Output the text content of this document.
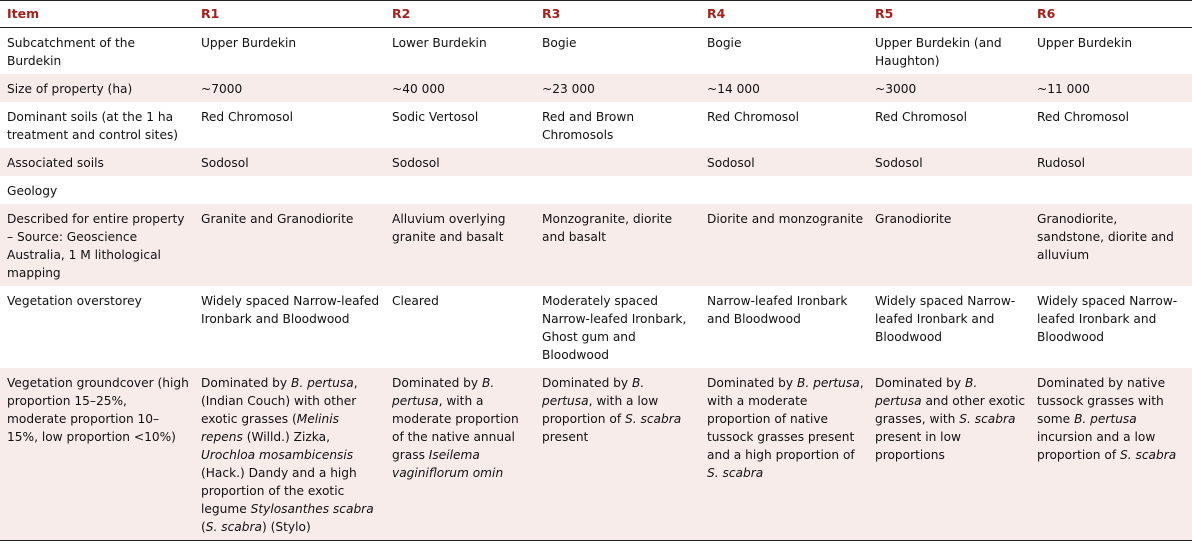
Item	R1	R2	R3	R4	R5	R6
Subcatchment of the Burdekin	Upper Burdekin	Lower Burdekin	Bogie	Bogie	Upper Burdekin (and Haughton)	Upper Burdekin
Size of property (ha)	~7000	~40 000	~23 000	~14 000	~3000	~11 000
Dominant soils (at the 1 ha treatment and control sites)	Red Chromosol	Sodic Vertosol	Red and Brown Chromosols	Red Chromosol	Red Chromosol	Red Chromosol
Associated soils	Sodosol	Sodosol		Sodosol	Sodosol	Rudosol
Geology						
Described for entire property – Source: Geoscience Australia, 1 M lithological mapping	Granite and Granodiorite	Alluvium overlying granite and basalt	Monzogranite, diorite and basalt	Diorite and monzogranite	Granodiorite	Granodiorite, sandstone, diorite and alluvium
Vegetation overstorey	Widely spaced Narrow-leafed Ironbark and Bloodwood	Cleared	Moderately spaced Narrow-leafed Ironbark, Ghost gum and Bloodwood	Narrow-leafed Ironbark and Bloodwood	Widely spaced Narrow-leafed Ironbark and Bloodwood	Widely spaced Narrow-leafed Ironbark and Bloodwood
Vegetation groundcover (high proportion 15–25%, moderate proportion 10–15%, low proportion <10%)	Dominated by B. pertusa, (Indian Couch) with other exotic grasses (Melinis repens (Willd.) Zizka, Urochloa mosambicensis (Hack.) Dandy and a high proportion of the exotic legume Stylosanthes scabra (S. scabra) (Stylo)	Dominated by B. pertusa, with a moderate proportion of the native annual grass Iseilema vaginiflorum omin	Dominated by B. pertusa, with a low proportion of S. scabra present	Dominated by B. pertusa, with a moderate proportion of native tussock grasses present and a high proportion of S. scabra	Dominated by B. pertusa and other exotic grasses, with S. scabra present in low proportions	Dominated by native tussock grasses with some B. pertusa incursion and a low proportion of S. scabra
